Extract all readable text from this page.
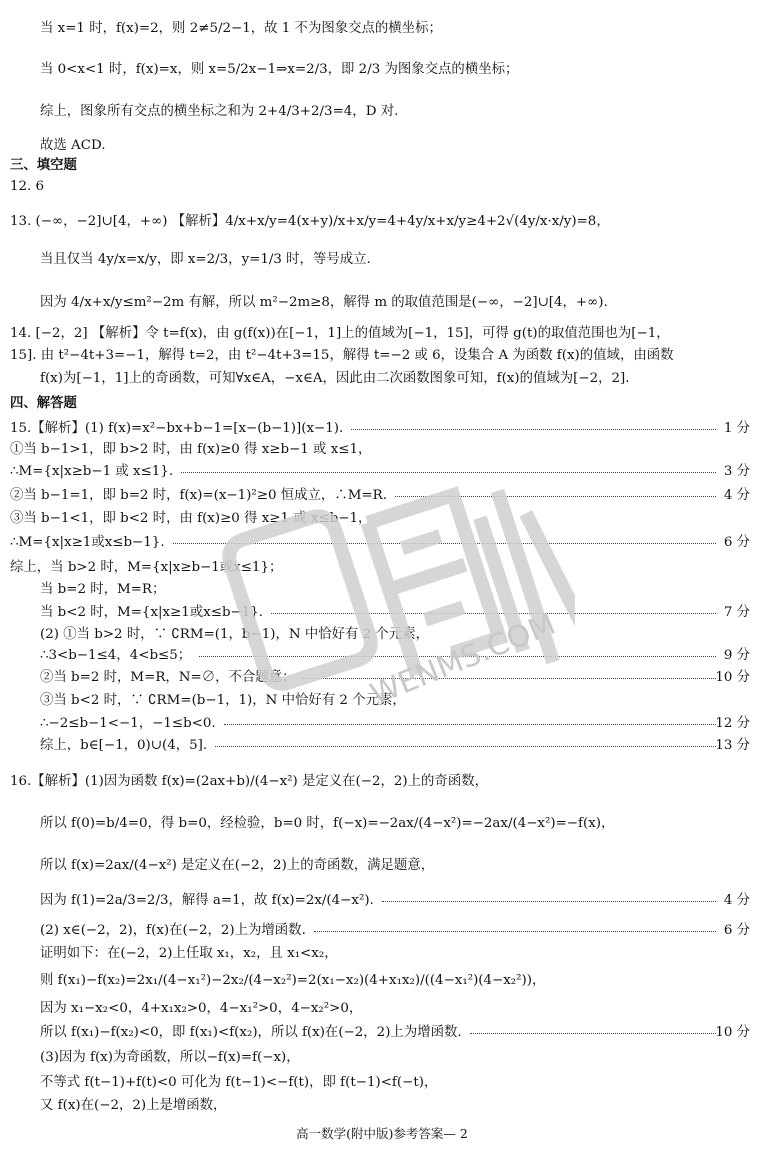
当 x=1 时，f(x)=2，则 2≠5/2−1，故 1 不为图象交点的横坐标；
当 0<x<1 时，f(x)=x，则 x=5/2x−1⇒x=2/3，即 2/3 为图象交点的横坐标；
综上，图象所有交点的横坐标之和为 2+4/3+2/3=4，D 对.
故选 ACD.
三、填空题
12. 6
13. (−∞，−2]∪[4，+∞) 【解析】4/x+x/y=4(x+y)/x+x/y=4+4y/x+x/y≥4+2√(4y/x·x/y)=8，
当且仅当 4y/x=x/y，即 x=2/3，y=1/3 时，等号成立.
因为 4/x+x/y≤m²−2m 有解，所以 m²−2m≥8，解得 m 的取值范围是(−∞，−2]∪[4，+∞).
14. [−2，2] 【解析】令 t=f(x)，由 g(f(x))在[−1，1]上的值域为[−1，15]，可得 g(t)的取值范围也为[−1，
15]. 由 t²−4t+3=−1，解得 t=2，由 t²−4t+3=15，解得 t=−2 或 6，设集合 A 为函数 f(x)的值域，由函数
f(x)为[−1，1]上的奇函数，可知∀x∈A，−x∈A，因此由二次函数图象可知，f(x)的值域为[−2，2].
四、解答题
15.【解析】(1) f(x)=x²−bx+b−1=[x−(b−1)](x−1).	1 分
①当 b−1>1，即 b>2 时，由 f(x)≥0 得 x≥b−1 或 x≤1，
∴M={x|x≥b−1 或 x≤1}.	3 分
②当 b−1=1，即 b=2 时，f(x)=(x−1)²≥0 恒成立，∴M=R.	4 分
③当 b−1<1，即 b<2 时，由 f(x)≥0 得 x≥1 或 x≤b−1，
∴M={x|x≥1或x≤b−1}.	6 分
综上，当 b>2 时，M={x|x≥b−1或x≤1}；
当 b=2 时，M=R；
当 b<2 时，M={x|x≥1或x≤b−1}.	7 分
(2) ①当 b>2 时，∵ ∁RM=(1，b−1)，N 中恰好有 2 个元素，
∴3<b−1≤4，4<b≤5；	9 分
②当 b=2 时，M=R，N=∅，不合题意；	10 分
③当 b<2 时，∵ ∁RM=(b−1，1)，N 中恰好有 2 个元素，
∴−2≤b−1<−1，−1≤b<0.	12 分
综上，b∈[−1，0)∪(4，5].	13 分
16.【解析】(1)因为函数 f(x)=(2ax+b)/(4−x²) 是定义在(−2，2)上的奇函数，
所以 f(0)=b/4=0，得 b=0，经检验，b=0 时，f(−x)=−2ax/(4−x²)=−2ax/(4−x²)=−f(x)，
所以 f(x)=2ax/(4−x²) 是定义在(−2，2)上的奇函数，满足题意，
因为 f(1)=2a/3=2/3，解得 a=1，故 f(x)=2x/(4−x²).	4 分
(2) x∈(−2，2)，f(x)在(−2，2)上为增函数.	6 分
证明如下：在(−2，2)上任取 x₁，x₂，且 x₁<x₂，
则 f(x₁)−f(x₂)=2x₁/(4−x₁²)−2x₂/(4−x₂²)=2(x₁−x₂)(4+x₁x₂)/((4−x₁²)(4−x₂²))，
因为 x₁−x₂<0，4+x₁x₂>0，4−x₁²>0，4−x₂²>0，
所以 f(x₁)−f(x₂)<0，即 f(x₁)<f(x₂)，所以 f(x)在(−2，2)上为增函数.	10 分
(3)因为 f(x)为奇函数，所以−f(x)=f(−x)，
不等式 f(t−1)+f(t)<0 可化为 f(t−1)<−f(t)，即 f(t−1)<f(−t)，
又 f(x)在(−2，2)上是增函数，
WENMS.COM
高一数学(附中版)参考答案— 2
